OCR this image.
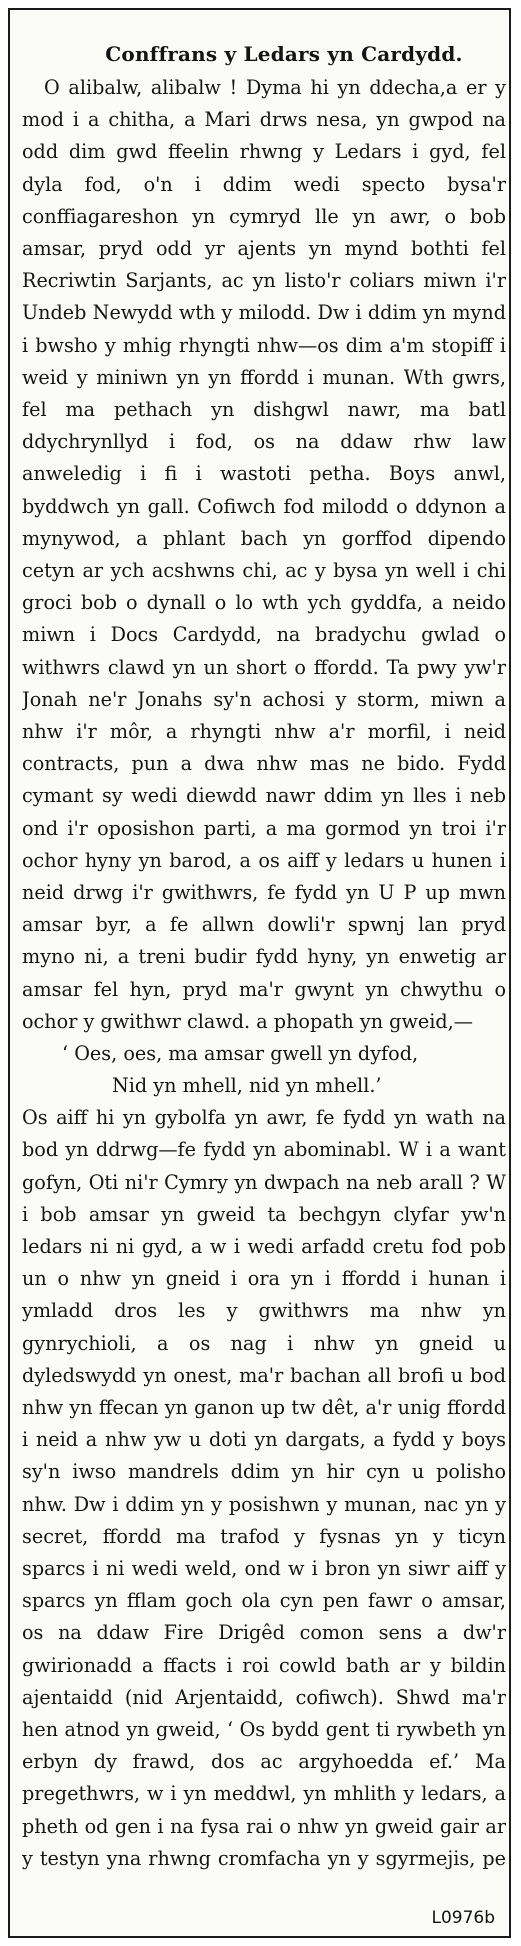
Conffrans y Ledars yn Cardydd.

O alibalw, alibalw ! Dyma hi yn ddecha,a er y mod i a chitha, a Mari drws nesa, yn gwpod na odd dim gwd ffeelin rhwng y Ledars i gyd, fel dyla fod, o'n i ddim wedi specto bysa'r conffiagareshon yn cymryd lle yn awr, o bob amsar, pryd odd yr ajents yn mynd bothti fel Recriwtin Sarjants, ac yn listo'r coliars miwn i'r Undeb Newydd wth y milodd. Dw i ddim yn mynd i bwsho y mhig rhyngti nhw—os dim a'm stopiff i weid y miniwn yn yn ffordd i munan. Wth gwrs, fel ma pethach yn dishgwl nawr, ma batl ddychrynllyd i fod, os na ddaw rhw law anweledig i fi i wastoti petha. Boys anwl, byddwch yn gall. Cofiwch fod milodd o ddynon a mynywod, a phlant bach yn gorffod dipendo cetyn ar ych acshwns chi, ac y bysa yn well i chi groci bob o dynall o lo wth ych gyddfa, a neido miwn i Docs Cardydd, na bradychu gwlad o withwrs clawd yn un short o ffordd. Ta pwy yw'r Jonah ne'r Jonahs sy'n achosi y storm, miwn a nhw i'r môr, a rhyngti nhw a'r morfil, i neid contracts, pun a dwa nhw mas ne bido. Fydd cymant sy wedi diewdd nawr ddim yn lles i neb ond i'r oposishon parti, a ma gormod yn troi i'r ochor hyny yn barod, a os aiff y ledars u hunen i neid drwg i'r gwithwrs, fe fydd yn U P up mwn amsar byr, a fe allwn dowli'r spwnj lan pryd myno ni, a treni budir fydd hyny, yn enwetig ar amsar fel hyn, pryd ma'r gwynt yn chwythu o ochor y gwithwr clawd. a phopath yn gweid,—

‘ Oes, oes, ma amsar gwell yn dyfod,
Nid yn mhell, nid yn mhell.’

Os aiff hi yn gybolfa yn awr, fe fydd yn wath na bod yn ddrwg—fe fydd yn abominabl. W i a want gofyn, Oti ni'r Cymry yn dwpach na neb arall ? W i bob amsar yn gweid ta bechgyn clyfar yw'n ledars ni ni gyd, a w i wedi arfadd cretu fod pob un o nhw yn gneid i ora yn i ffordd i hunan i ymladd dros les y gwithwrs ma nhw yn gynrychioli, a os nag i nhw yn gneid u dyledswydd yn onest, ma'r bachan all brofi u bod nhw yn ffecan yn ganon up tw dêt, a'r unig ffordd i neid a nhw yw u doti yn dargats, a fydd y boys sy'n iwso mandrels ddim yn hir cyn u polisho nhw. Dw i ddim yn y posishwn y munan, nac yn y secret, ffordd ma trafod y fysnas yn y ticyn sparcs i ni wedi weld, ond w i bron yn siwr aiff y sparcs yn fflam goch ola cyn pen fawr o amsar, os na ddaw Fire Drigêd comon sens a dw'r gwirionadd a ffacts i roi cowld bath ar y bildin ajentaidd (nid Arjentaidd, cofiwch). Shwd ma'r hen atnod yn gweid, ‘ Os bydd gent ti rywbeth yn erbyn dy frawd, dos ac argyhoedda ef.’ Ma pregethwrs, w i yn meddwl, yn mhlith y ledars, a pheth od gen i na fysa rai o nhw yn gweid gair ar y testyn yna rhwng cromfacha yn y sgyrmejis, pe

L0976b
